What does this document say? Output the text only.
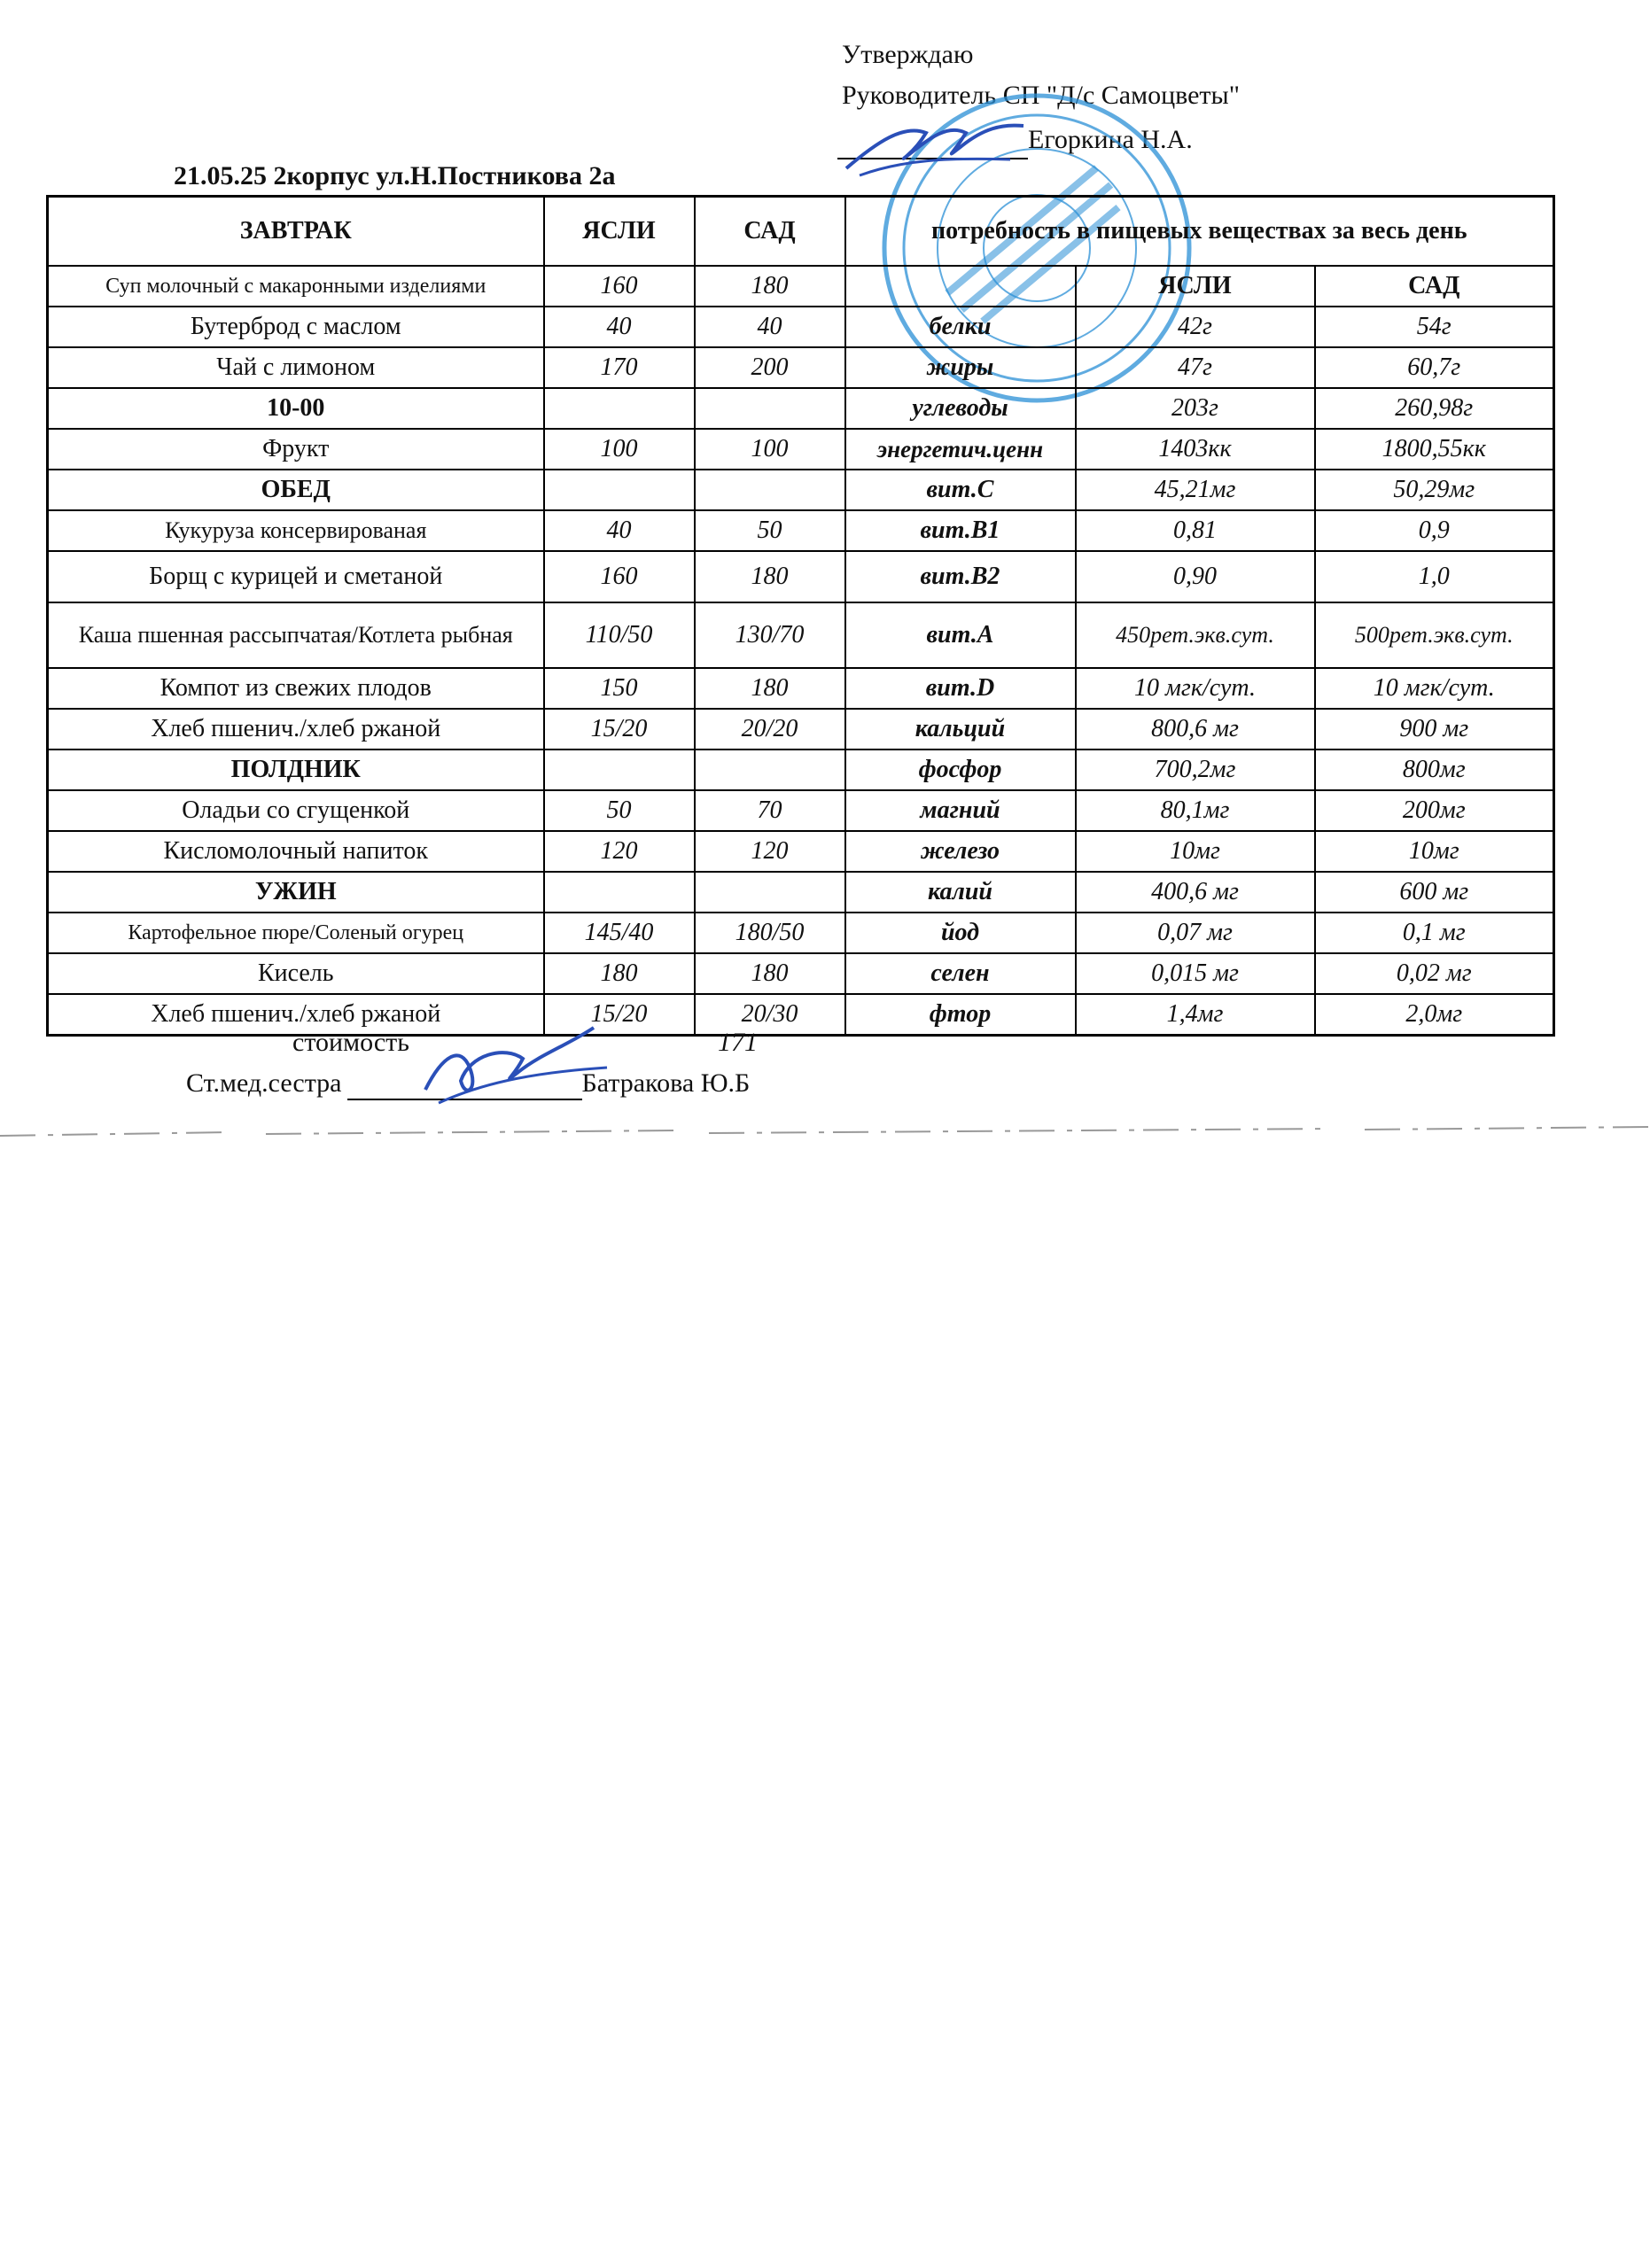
Утверждаю
Руководитель СП "Д/с Самоцветы"
Егоркина Н.А.
21.05.25 2корпус ул.Н.Постникова 2а
ЗАВТРАК	ЯСЛИ	САД	потребность в пищевых веществах за весь день		
Суп молочный с макаронными изделиями	160	180		ЯСЛИ	САД
Бутерброд с маслом	40	40	белки	42г	54г
Чай с лимоном	170	200	жиры	47г	60,7г
10-00			углеводы	203г	260,98г
Фрукт	100	100	энергетич.ценн	1403кк	1800,55кк
ОБЕД			вит.С	45,21мг	50,29мг
Кукуруза консервированая	40	50	вит.В1	0,81	0,9
Борщ с курицей и сметаной	160	180	вит.В2	0,90	1,0
Каша пшенная рассыпчатая/Котлета рыбная	110/50	130/70	вит.А	450рет.экв.сут.	500рет.экв.сут.
Компот из свежих плодов	150	180	вит.D	10 мгк/сут.	10 мгк/сут.
Хлеб пшенич./хлеб ржаной	15/20	20/20	кальций	800,6 мг	900 мг
ПОЛДНИК			фосфор	700,2мг	800мг
Оладьи со сгущенкой	50	70	магний	80,1мг	200мг
Кисломолочный напиток	120	120	железо	10мг	10мг
УЖИН			калий	400,6 мг	600 мг
Картофельное пюре/Соленый огурец	145/40	180/50	йод	0,07 мг	0,1 мг
Кисель	180	180	селен	0,015 мг	0,02 мг
Хлеб пшенич./хлеб ржаной	15/20	20/30	фтор	1,4мг	2,0мг
стоимость	171
Ст.мед.сестра	Батракова Ю.Б
